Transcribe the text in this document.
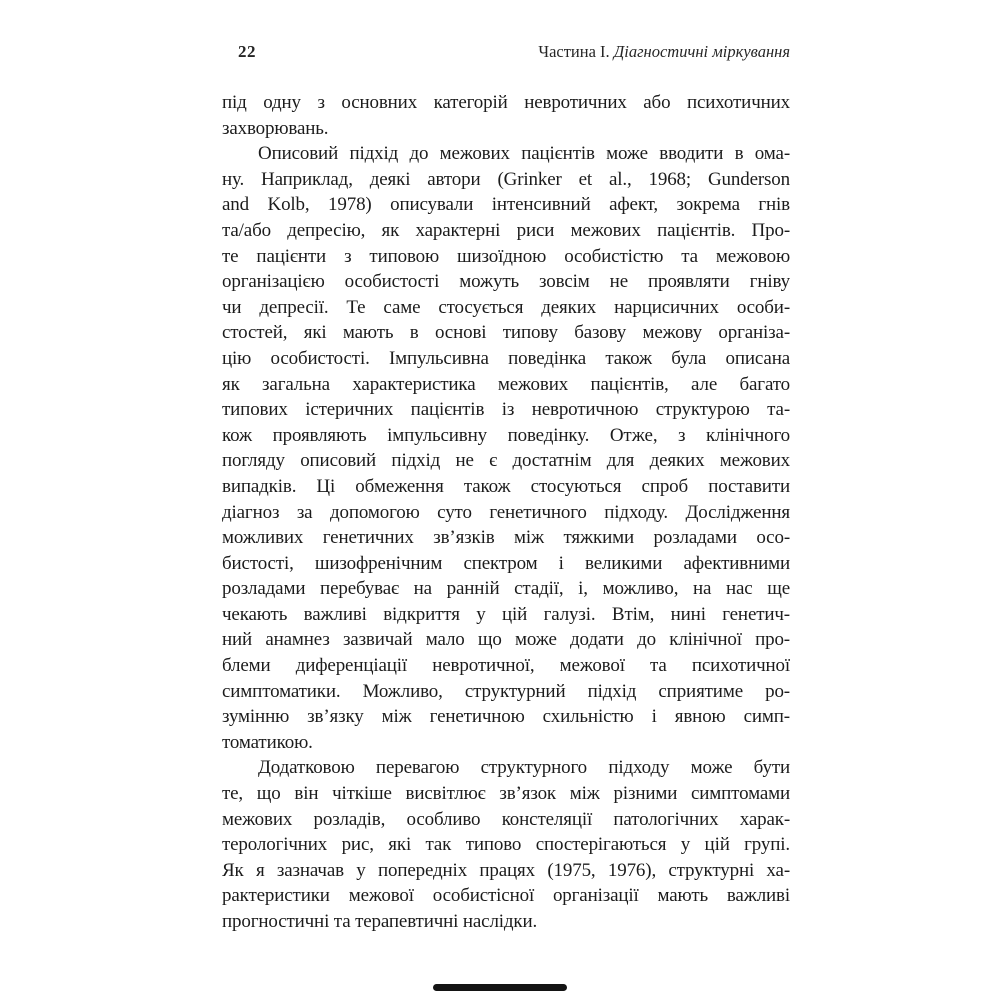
22	Частина І. Діагностичні міркування
під одну з основних категорій невротичних або психотичних
захворювань.
Описовий підхід до межових пацієнтів може вводити в ома-
ну. Наприклад, деякі автори (Grinker et al., 1968; Gunderson
and Kolb, 1978) описували інтенсивний афект, зокрема гнів
та/або депресію, як характерні риси межових пацієнтів. Про-
те пацієнти з типовою шизоїдною особистістю та межовою
організацією особистості можуть зовсім не проявляти гніву
чи депресії. Те саме стосується деяких нарцисичних особи-
стостей, які мають в основі типову базову межову організа-
цію особистості. Імпульсивна поведінка також була описана
як загальна характеристика межових пацієнтів, але багато
типових істеричних пацієнтів із невротичною структурою та-
кож проявляють імпульсивну поведінку. Отже, з клінічного
погляду описовий підхід не є достатнім для деяких межових
випадків. Ці обмеження також стосуються спроб поставити
діагноз за допомогою суто генетичного підходу. Дослідження
можливих генетичних зв’язків між тяжкими розладами осо-
бистості, шизофренічним спектром і великими афективними
розладами перебуває на ранній стадії, і, можливо, на нас ще
чекають важливі відкриття у цій галузі. Втім, нині генетич-
ний анамнез зазвичай мало що може додати до клінічної про-
блеми диференціації невротичної, межової та психотичної
симптоматики. Можливо, структурний підхід сприятиме ро-
зумінню зв’язку між генетичною схильністю і явною симп-
томатикою.
Додатковою перевагою структурного підходу може бути
те, що він чіткіше висвітлює зв’язок між різними симптомами
межових розладів, особливо констеляції патологічних харак-
терологічних рис, які так типово спостерігаються у цій групі.
Як я зазначав у попередніх працях (1975, 1976), структурні ха-
рактеристики межової особистісної організації мають важливі
прогностичні та терапевтичні наслідки.
